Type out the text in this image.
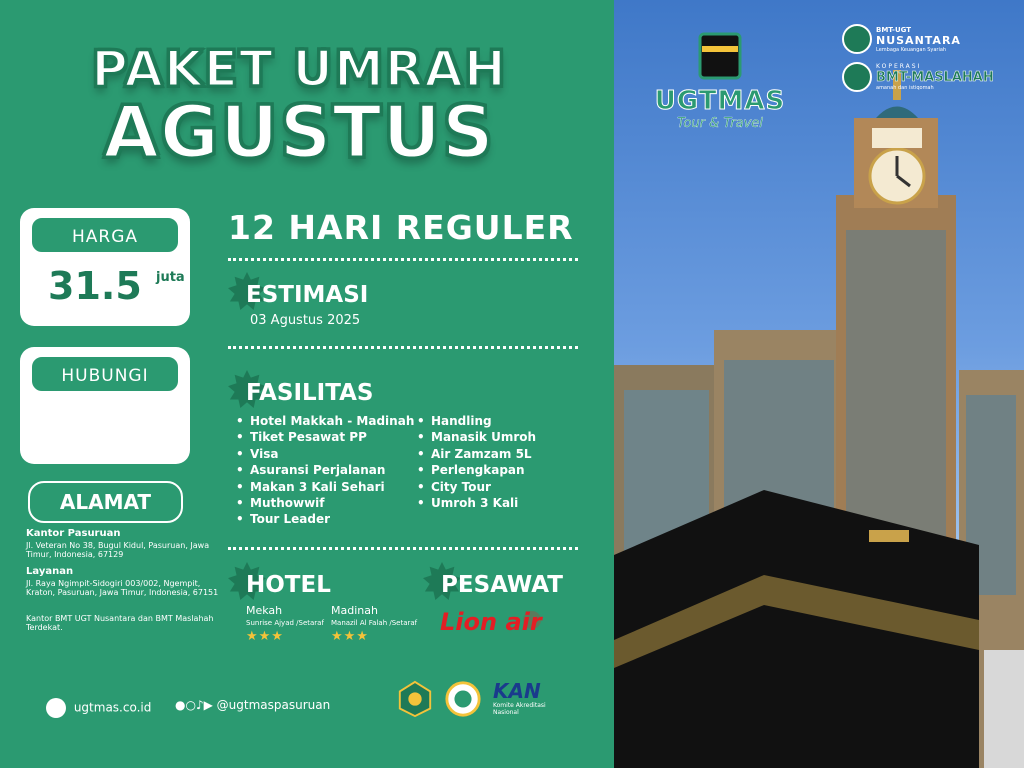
PAKET UMRAH
AGUSTUS
HARGA
31.5 juta
HUBUNGI
ALAMAT
Kantor Pasuruan
Jl. Veteran No 38, Bugul Kidul, Pasuruan, Jawa Timur, Indonesia, 67129
Layanan
Jl. Raya Ngimpit-Sidogiri 003/002, Ngempit, Kraton, Pasuruan, Jawa Timur, Indonesia, 67151
Kantor BMT UGT Nusantara dan BMT Maslahah Terdekat.
12 HARI REGULER
ESTIMASI
03 Agustus 2025
FASILITAS
• Hotel Makkah - Madinah
• Tiket Pesawat PP
• Visa
• Asuransi Perjalanan
• Makan 3 Kali Sehari
• Muthowwif
• Tour Leader
• Handling
• Manasik Umroh
• Air Zamzam 5L
• Perlengkapan
• City Tour
• Umroh 3 Kali
HOTEL
Mekah
Sunrise Ajyad /Setaraf
★★★
Madinah
Manazil Al Falah /Setaraf
★★★
PESAWAT
Lion air
ugtmas.co.id ●○♪▶ @ugtmaspasuruan
KAN
Komite Akreditasi Nasional
UGTMAS
Tour & Travel
BMT-UGT
NUSANTARA
Lembaga Keuangan Syariah
KOPERASI
BMT-MASLAHAH
amanah dan istiqomah
